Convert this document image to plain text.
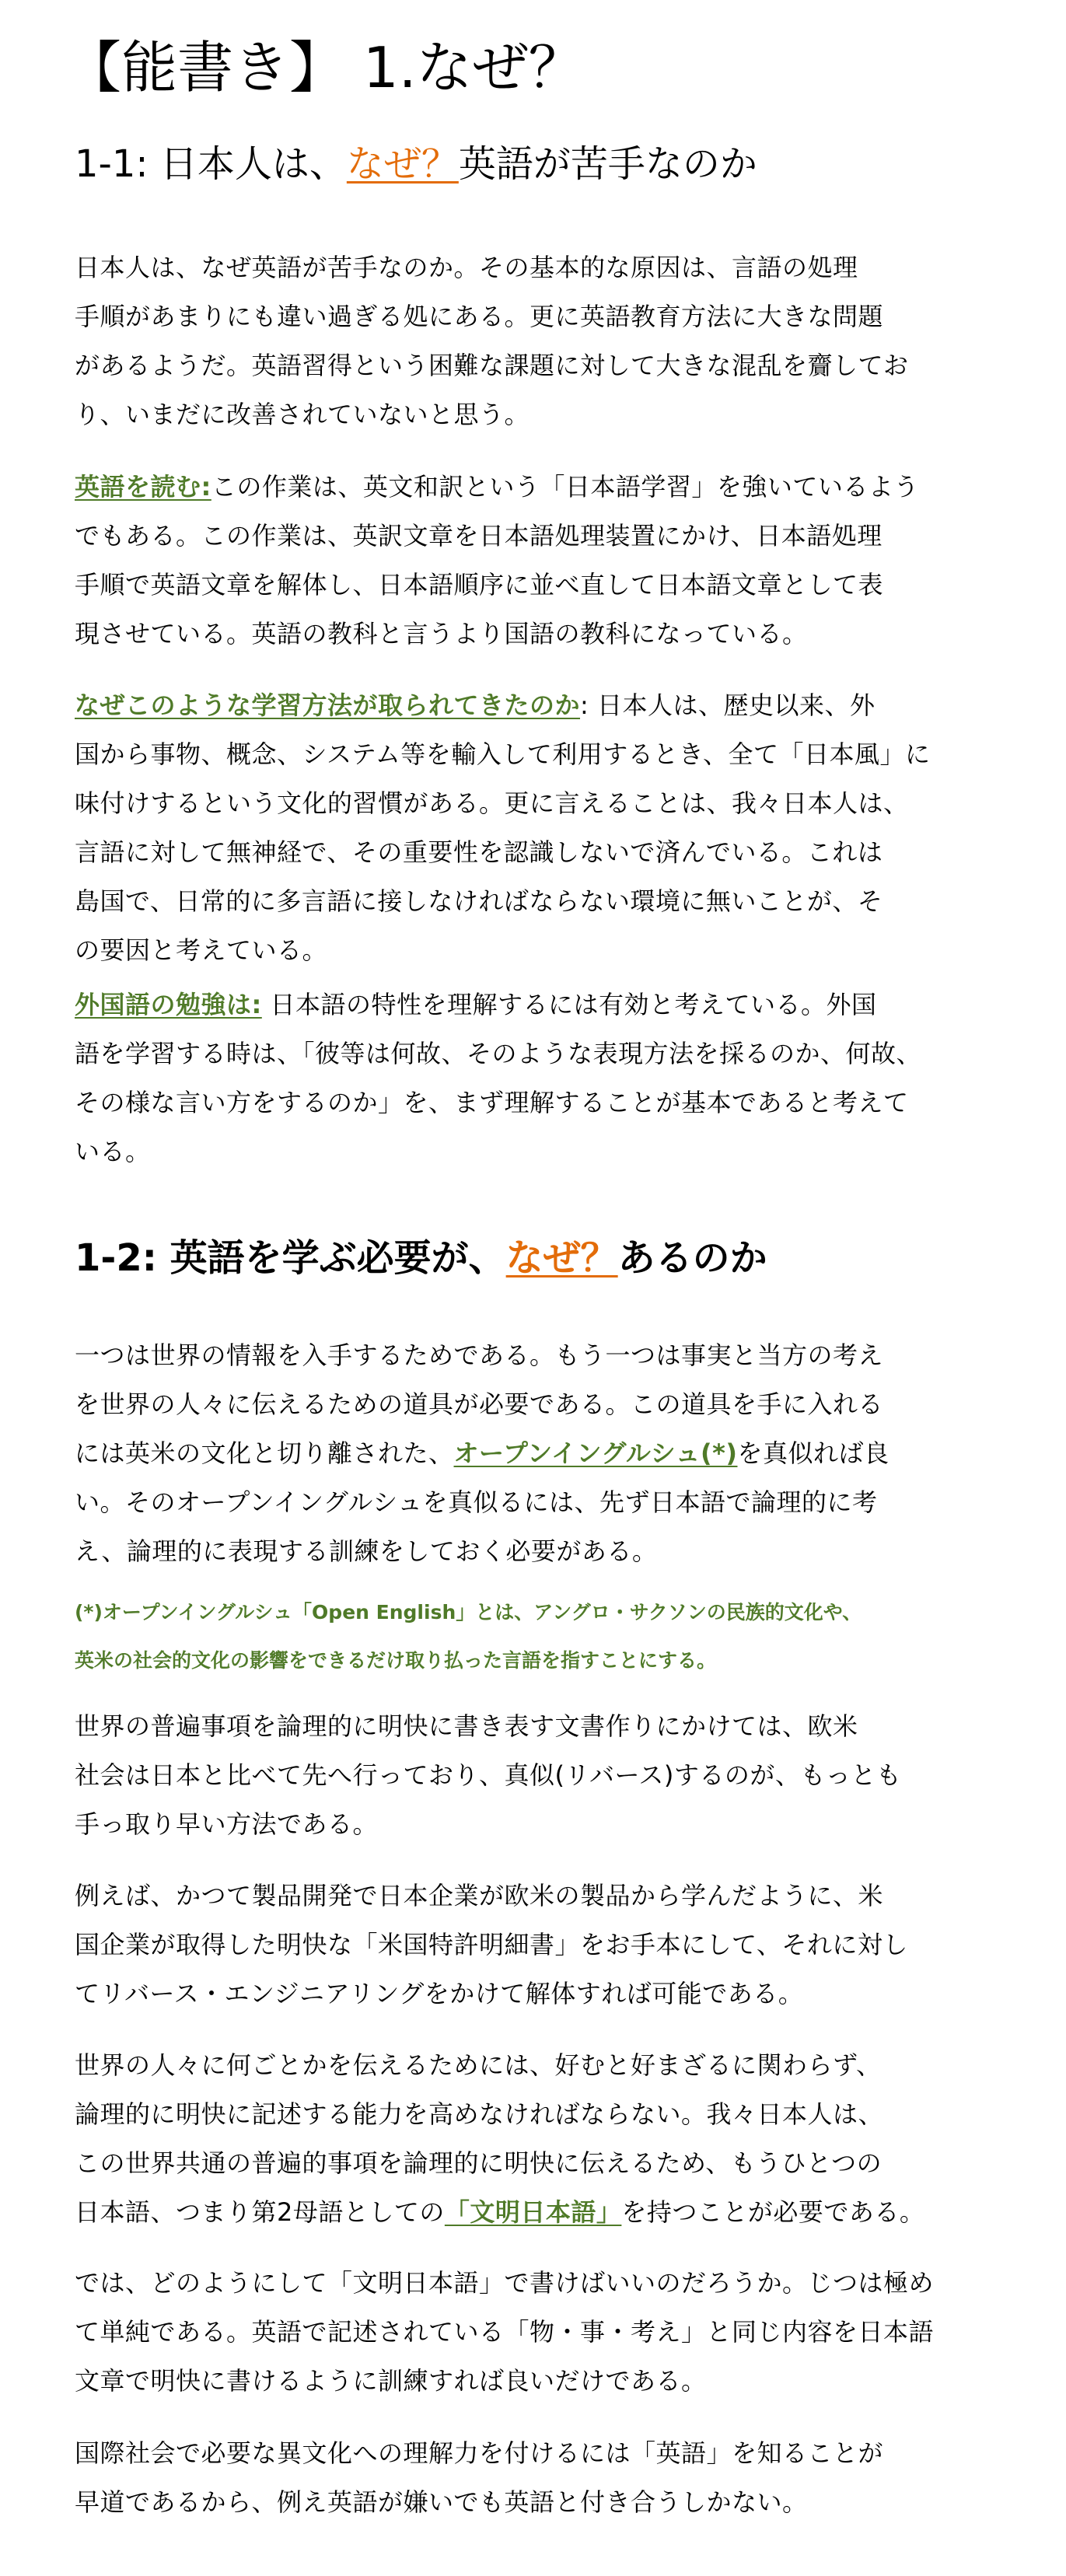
【能書き】 1.なぜ？
1-1: 日本人は、なぜ？英語が苦手なのか

日本人は、なぜ英語が苦手なのか。その基本的な原因は、言語の処理
手順があまりにも違い過ぎる処にある。更に英語教育方法に大きな問題
があるようだ。英語習得という困難な課題に対して大きな混乱を齎してお
り、いまだに改善されていないと思う。

英語を読む:この作業は、英文和訳という「日本語学習」を強いているよう
でもある。この作業は、英訳文章を日本語処理装置にかけ、日本語処理
手順で英語文章を解体し、日本語順序に並べ直して日本語文章として表
現させている。英語の教科と言うより国語の教科になっている。

なぜこのような学習方法が取られてきたのか: 日本人は、歴史以来、外
国から事物、概念、システム等を輸入して利用するとき、全て「日本風」に
味付けするという文化的習慣がある。更に言えることは、我々日本人は、
言語に対して無神経で、その重要性を認識しないで済んでいる。これは
島国で、日常的に多言語に接しなければならない環境に無いことが、そ
の要因と考えている。

外国語の勉強は: 日本語の特性を理解するには有効と考えている。外国
語を学習する時は、「彼等は何故、そのような表現方法を採るのか、何故、
その様な言い方をするのか」を、まず理解することが基本であると考えて
いる。

1-2: 英語を学ぶ必要が、なぜ？あるのか

一つは世界の情報を入手するためである。もう一つは事実と当方の考え
を世界の人々に伝えるための道具が必要である。この道具を手に入れる
には英米の文化と切り離された、オープンイングルシュ(*)を真似れば良
い。そのオープンイングルシュを真似るには、先ず日本語で論理的に考
え、論理的に表現する訓練をしておく必要がある。

(*)オープンイングルシュ「Open English」とは、アングロ・サクソンの民族的文化や、
英米の社会的文化の影響をできるだけ取り払った言語を指すことにする。

世界の普遍事項を論理的に明快に書き表す文書作りにかけては、欧米
社会は日本と比べて先へ行っており、真似(リバース)するのが、もっとも
手っ取り早い方法である。

例えば、かつて製品開発で日本企業が欧米の製品から学んだように、米
国企業が取得した明快な「米国特許明細書」をお手本にして、それに対し
てリバース・エンジニアリングをかけて解体すれば可能である。

世界の人々に何ごとかを伝えるためには、好むと好まざるに関わらず、
論理的に明快に記述する能力を高めなければならない。我々日本人は、
この世界共通の普遍的事項を論理的に明快に伝えるため、もうひとつの
日本語、つまり第2母語としての「文明日本語」を持つことが必要である。

では、どのようにして「文明日本語」で書けばいいのだろうか。じつは極め
て単純である。英語で記述されている「物・事・考え」と同じ内容を日本語
文章で明快に書けるように訓練すれば良いだけである。

国際社会で必要な異文化への理解力を付けるには「英語」を知ることが
早道であるから、例え英語が嫌いでも英語と付き合うしかない。
